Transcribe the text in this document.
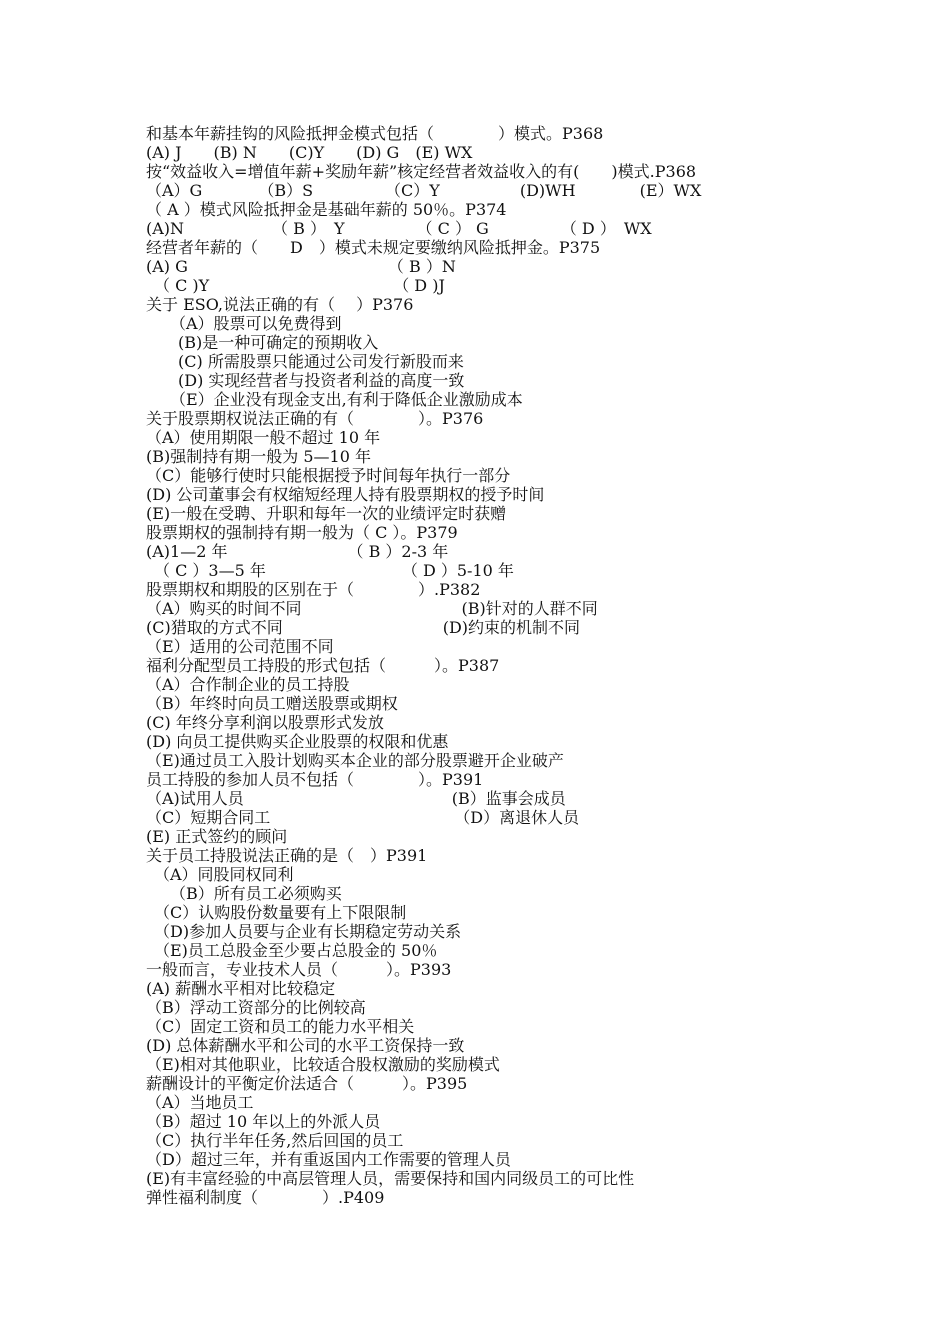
和基本年薪挂钩的风险抵押金模式包括（　　　　）模式。P368
(A) J　　(B) N　　(C)Y　　(D) G　(E) WX
按“效益收入=增值年薪+奖励年薪”核定经营者效益收入的有(　　)模式.P368
（A）G　　　　（B）S　　　　　（C）Y　　　　　(D)WH　　　　(E）WX
（ A ）模式风险抵押金是基础年薪的 50％。P374
(A)N　　　　　　（ B ）　Y　　　　　（ C ） G　　　　　（ D ）　WX
经营者年薪的（　　D　）模式未规定要缴纳风险抵押金。P375
(A) G　　　　　　　　　　　　　（ B ）N
　（ C )Y　　　　　　　　　　　　（ D )J
关于 ESO,说法正确的有（　 ）P376
　　（A）股票可以免费得到
　　(B)是一种可确定的预期收入
　　(C) 所需股票只能通过公司发行新股而来
　　(D) 实现经营者与投资者利益的高度一致
　　（E）企业没有现金支出,有利于降低企业激励成本
关于股票期权说法正确的有（　　　　）。P376
（A）使用期限一般不超过 10 年
(B)强制持有期一般为 5—10 年
（C）能够行使时只能根据授予时间每年执行一部分
(D) 公司董事会有权缩短经理人持有股票期权的授予时间
(E)一般在受聘、升职和每年一次的业绩评定时获赠
股票期权的强制持有期一般为（ C ）。P379
(A)1—2 年　　　　　　　　（ B ）2-3 年
　（ C ）3—5 年　　　　　　　　　（ D ）5-10 年
股票期权和期股的区别在于（　　　　）.P382
（A）购买的时间不同　　　　　　　　　　(B)针对的人群不同
(C)猎取的方式不同　　　　　　　　　　(D)约束的机制不同
（E）适用的公司范围不同
福利分配型员工持股的形式包括（　　　）。P387
（A）合作制企业的员工持股
（B）年终时向员工赠送股票或期权
(C) 年终分享利润以股票形式发放
(D) 向员工提供购买企业股票的权限和优惠
（E)通过员工入股计划购买本企业的部分股票避开企业破产
员工持股的参加人员不包括（　　　　）。P391
（A)试用人员　　　　　　　　　　　　　(B）监事会成员
（C）短期合同工　　　　　　　　　　　　（D）离退休人员
(E) 正式签约的顾问
关于员工持股说法正确的是（　）P391
　（A）同股同权同利
　　（B）所有员工必须购买
　（C）认购股份数量要有上下限限制
　（D)参加人员要与企业有长期稳定劳动关系
　（E)员工总股金至少要占总股金的 50％
一般而言，专业技术人员（　　　）。P393
(A) 薪酬水平相对比较稳定
（B）浮动工资部分的比例较高
（C）固定工资和员工的能力水平相关
(D) 总体薪酬水平和公司的水平工资保持一致
（E)相对其他职业，比较适合股权激励的奖励模式
薪酬设计的平衡定价法适合（　　　）。P395
（A）当地员工
（B）超过 10 年以上的外派人员
（C）执行半年任务,然后回国的员工
（D）超过三年，并有重返国内工作需要的管理人员
(E)有丰富经验的中高层管理人员，需要保持和国内同级员工的可比性
弹性福利制度（　　　　）.P409
